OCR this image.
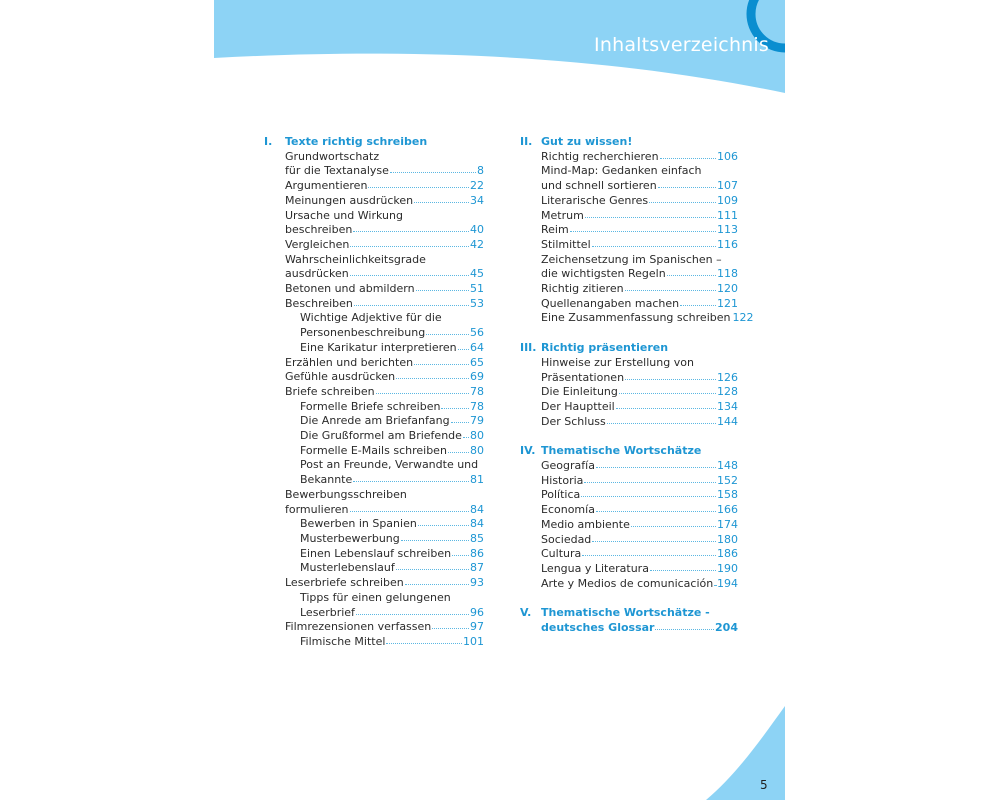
Inhaltsverzeichnis
I.	Texte richtig schreiben
Grundwortschatz
für die Textanalyse	8
Argumentieren	22
Meinungen ausdrücken	34
Ursache und Wirkung
beschreiben	40
Vergleichen	42
Wahrscheinlichkeitsgrade
ausdrücken	45
Betonen und abmildern	51
Beschreiben	53
Wichtige Adjektive für die
Personenbeschreibung	56
Eine Karikatur interpretieren 64
Erzählen und berichten	65
Gefühle ausdrücken	69
Briefe schreiben	78
Formelle Briefe schreiben	78
Die Anrede am Briefanfang 79
Die Grußformel am Briefende 80
Formelle E-Mails schreiben 80
Post an Freunde, Verwandte und
Bekannte	81
Bewerbungsschreiben
formulieren	84
Bewerben in Spanien	84
Musterbewerbung	85
Einen Lebenslauf schreiben 86
Musterlebenslauf	87
Leserbriefe schreiben	93
Tipps für einen gelungenen
Leserbrief	96
Filmrezensionen verfassen	97
Filmische Mittel	101
II. Gut zu wissen!
Richtig recherchieren	106
Mind-Map: Gedanken einfach
und schnell sortieren	107
Literarische Genres	109
Metrum	111
Reim	113
Stilmittel	116
Zeichensetzung im Spanischen –
die wichtigsten Regeln	118
Richtig zitieren	120
Quellenangaben machen	121
Eine Zusammenfassung schreiben 122
III. Richtig präsentieren
Hinweise zur Erstellung von
Präsentationen	126
Die Einleitung	128
Der Hauptteil	134
Der Schluss	144
IV. Thematische Wortschätze
Geografía	148
Historia	152
Política	158
Economía	166
Medio ambiente	174
Sociedad	180
Cultura	186
Lengua y Literatura	190
Arte y Medios de comunicación 194
V. Thematische Wortschätze -
deutsches Glossar	204
5
